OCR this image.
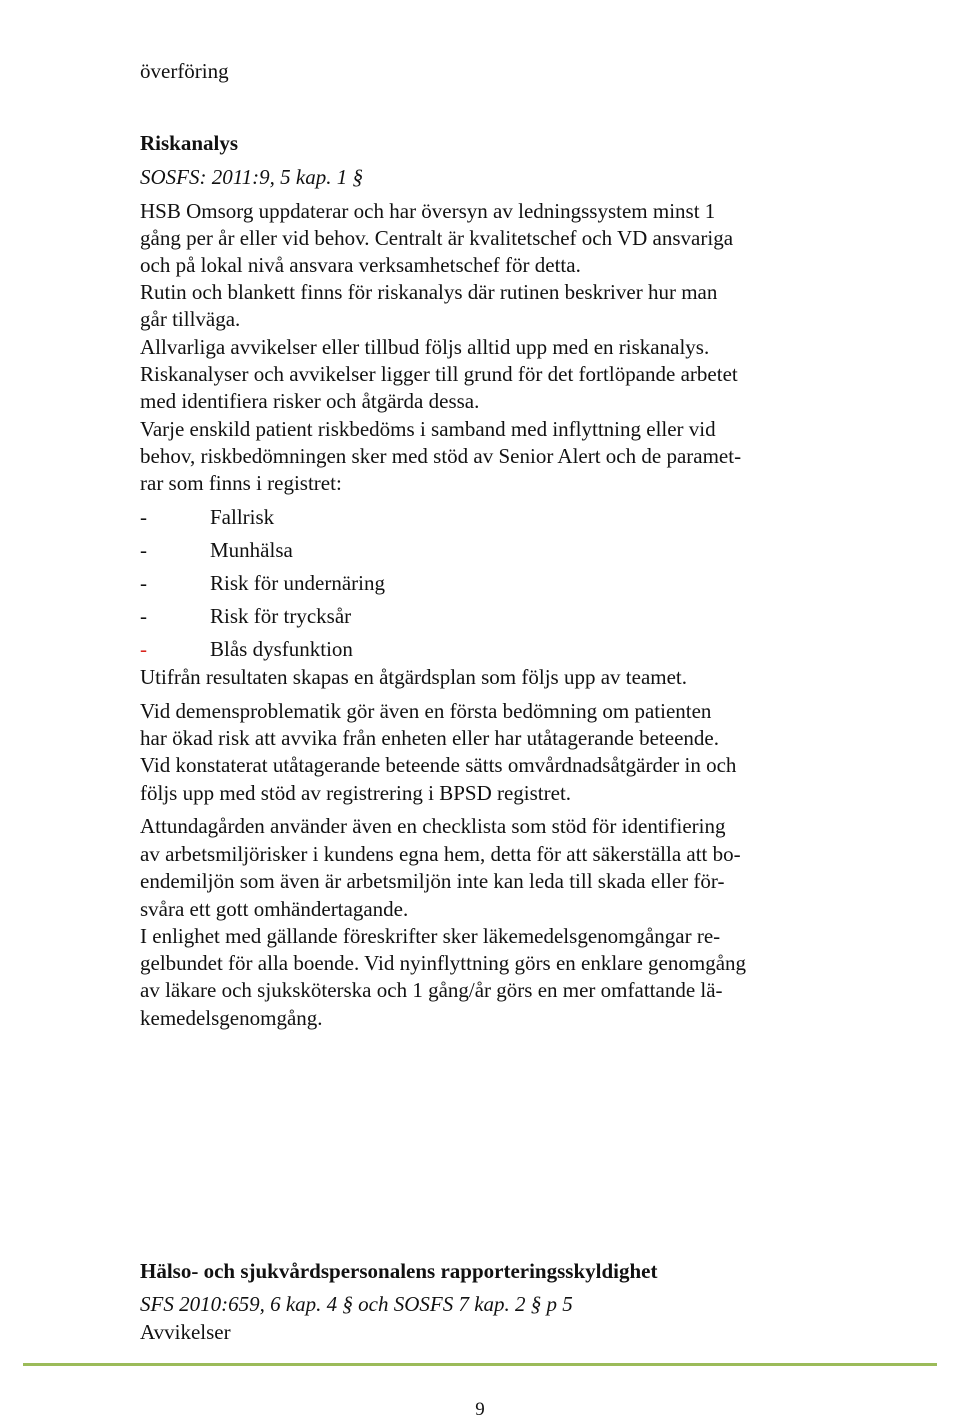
överföring
Riskanalys
SOSFS: 2011:9, 5 kap. 1 §
HSB Omsorg uppdaterar och har översyn av ledningssystem minst 1
gång per år eller vid behov. Centralt är kvalitetschef och VD ansvariga
och på lokal nivå ansvara verksamhetschef för detta.
Rutin och blankett finns för riskanalys där rutinen beskriver hur man
går tillväga.
Allvarliga avvikelser eller tillbud följs alltid upp med en riskanalys.
Riskanalyser och avvikelser ligger till grund för det fortlöpande arbetet
med identifiera risker och åtgärda dessa.
Varje enskild patient riskbedöms i samband med inflyttning eller vid
behov, riskbedömningen sker med stöd av Senior Alert och de paramet-
rar som finns i registret:
-	Fallrisk
-	Munhälsa
-	Risk för undernäring
-	Risk för trycksår
-	Blås dysfunktion
Utifrån resultaten skapas en åtgärdsplan som följs upp av teamet.
Vid demensproblematik gör även en första bedömning om patienten
har ökad risk att avvika från enheten eller har utåtagerande beteende.
Vid konstaterat utåtagerande beteende sätts omvårdnadsåtgärder in och
följs upp med stöd av registrering i BPSD registret.
Attundagården använder även en checklista som stöd för identifiering
av arbetsmiljörisker i kundens egna hem, detta för att säkerställa att bo-
endemiljön som även är arbetsmiljön inte kan leda till skada eller för-
svåra ett gott omhändertagande.
I enlighet med gällande föreskrifter sker läkemedelsgenomgångar re-
gelbundet för alla boende. Vid nyinflyttning görs en enklare genomgång
av läkare och sjuksköterska och 1 gång/år görs en mer omfattande lä-
kemedelsgenomgång.
Hälso- och sjukvårdspersonalens rapporteringsskyldighet
SFS 2010:659, 6 kap. 4 § och SOSFS 7 kap. 2 § p 5
Avvikelser
9
